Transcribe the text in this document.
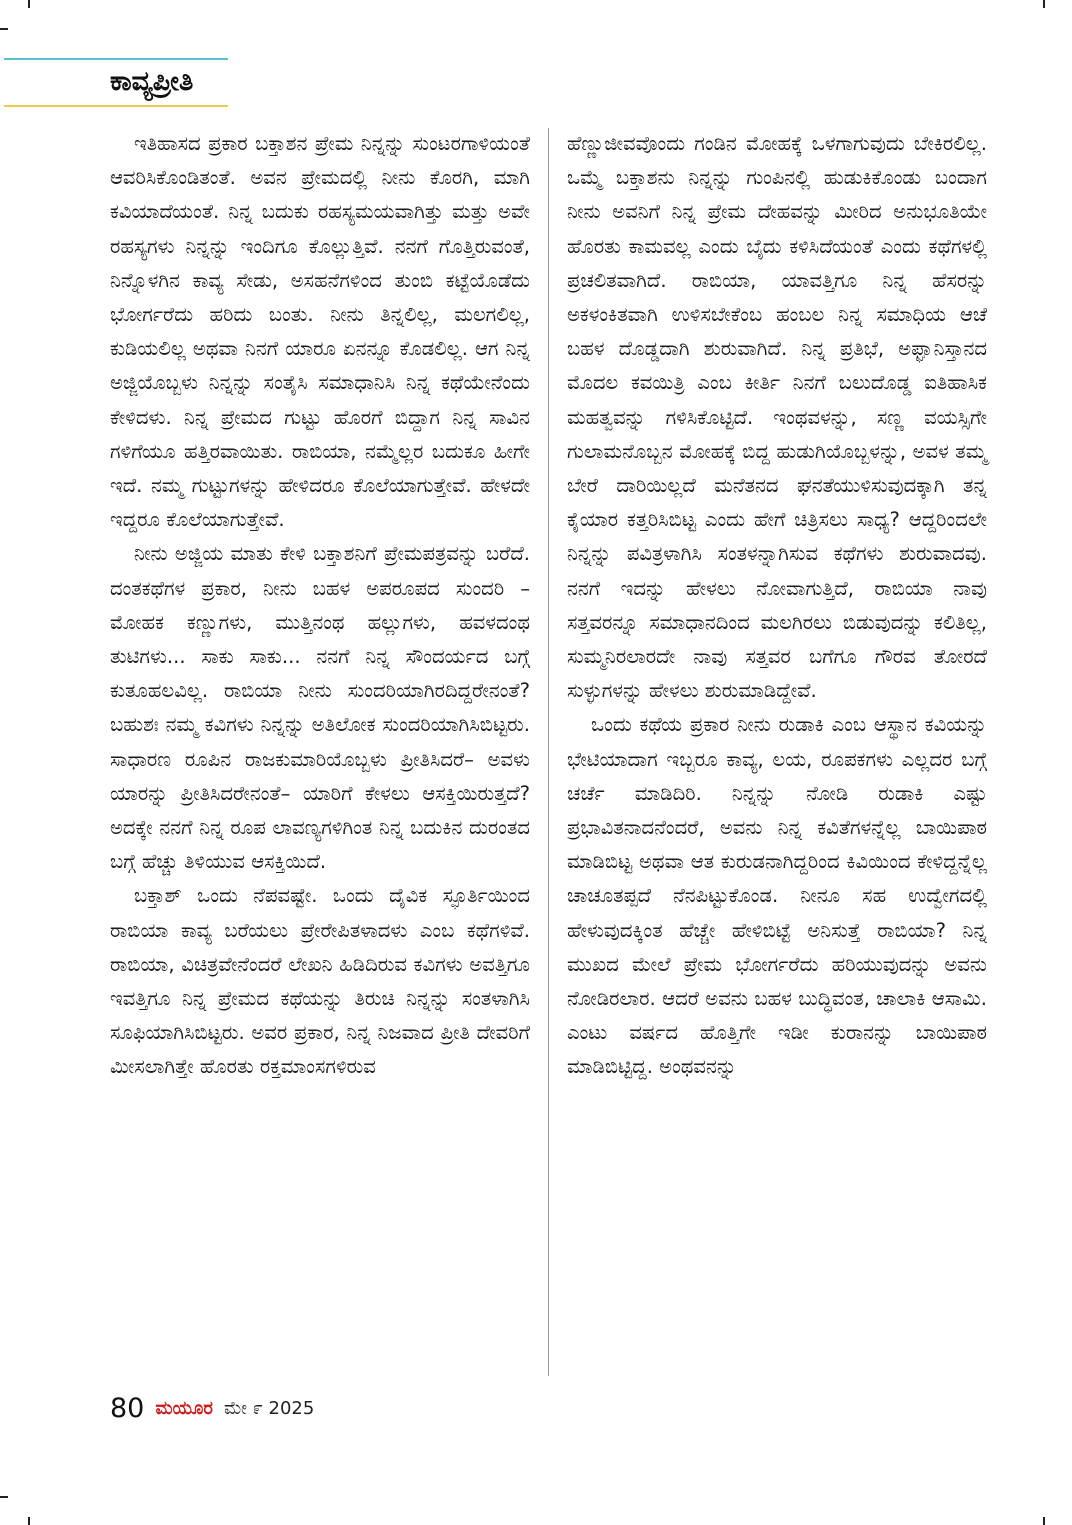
ಕಾವ್ಯಪ್ರೀತಿ

ಇತಿಹಾಸದ ಪ್ರಕಾರ ಬಕ್ತಾಶನ ಪ್ರೇಮ ನಿನ್ನನ್ನು ಸುಂಟರಗಾಳಿಯಂತೆ ಆವರಿಸಿಕೊಂಡಿತಂತೆ. ಅವನ ಪ್ರೇಮದಲ್ಲಿ ನೀನು ಕೊರಗಿ, ಮಾಗಿ ಕವಿಯಾದೆಯಂತೆ. ನಿನ್ನ ಬದುಕು ರಹಸ್ಯಮಯವಾಗಿತ್ತು ಮತ್ತು ಅವೇ ರಹಸ್ಯಗಳು ನಿನ್ನನ್ನು ಇಂದಿಗೂ ಕೊಲ್ಲುತ್ತಿವೆ. ನನಗೆ ಗೊತ್ತಿರುವಂತೆ, ನಿನ್ನೊಳಗಿನ ಕಾವ್ಯ ಸೇಡು, ಅಸಹನೆಗಳಿಂದ ತುಂಬಿ ಕಟ್ಟೆಯೊಡೆದು ಭೋರ್ಗರೆದು ಹರಿದು ಬಂತು. ನೀನು ತಿನ್ನಲಿಲ್ಲ, ಮಲಗಲಿಲ್ಲ, ಕುಡಿಯಲಿಲ್ಲ ಅಥವಾ ನಿನಗೆ ಯಾರೂ ಏನನ್ನೂ ಕೊಡಲಿಲ್ಲ. ಆಗ ನಿನ್ನ ಅಜ್ಜಿಯೊಬ್ಬಳು ನಿನ್ನನ್ನು ಸಂತೈಸಿ ಸಮಾಧಾನಿಸಿ ನಿನ್ನ ಕಥೆಯೇನೆಂದು ಕೇಳಿದಳು. ನಿನ್ನ ಪ್ರೇಮದ ಗುಟ್ಟು ಹೊರಗೆ ಬಿದ್ದಾಗ ನಿನ್ನ ಸಾವಿನ ಗಳಿಗೆಯೂ ಹತ್ತಿರವಾಯಿತು. ರಾಬಿಯಾ, ನಮ್ಮೆಲ್ಲರ ಬದುಕೂ ಹೀಗೇ ಇದೆ. ನಮ್ಮ ಗುಟ್ಟುಗಳನ್ನು ಹೇಳಿದರೂ ಕೊಲೆಯಾಗುತ್ತೇವೆ. ಹೇಳದೇ ಇದ್ದರೂ ಕೊಲೆಯಾಗುತ್ತೇವೆ.

ನೀನು ಅಜ್ಜಿಯ ಮಾತು ಕೇಳಿ ಬಕ್ತಾಶನಿಗೆ ಪ್ರೇಮಪತ್ರವನ್ನು ಬರೆದೆ. ದಂತಕಥೆಗಳ ಪ್ರಕಾರ, ನೀನು ಬಹಳ ಅಪರೂಪದ ಸುಂದರಿ – ಮೋಹಕ ಕಣ್ಣುಗಳು, ಮುತ್ತಿನಂಥ ಹಲ್ಲುಗಳು, ಹವಳದಂಥ ತುಟಿಗಳು... ಸಾಕು ಸಾಕು... ನನಗೆ ನಿನ್ನ ಸೌಂದರ್ಯದ ಬಗ್ಗೆ ಕುತೂಹಲವಿಲ್ಲ. ರಾಬಿಯಾ ನೀನು ಸುಂದರಿಯಾಗಿರದಿದ್ದರೇನಂತೆ? ಬಹುಶಃ ನಮ್ಮ ಕವಿಗಳು ನಿನ್ನನ್ನು ಅತಿಲೋಕ ಸುಂದರಿಯಾಗಿಸಿಬಿಟ್ಟರು. ಸಾಧಾರಣ ರೂಪಿನ ರಾಜಕುಮಾರಿಯೊಬ್ಬಳು ಪ್ರೀತಿಸಿದರೆ– ಅವಳು ಯಾರನ್ನು ಪ್ರೀತಿಸಿದರೇನಂತೆ– ಯಾರಿಗೆ ಕೇಳಲು ಆಸಕ್ತಿಯಿರುತ್ತದೆ? ಅದಕ್ಕೇ ನನಗೆ ನಿನ್ನ ರೂಪ ಲಾವಣ್ಯಗಳಿಗಿಂತ ನಿನ್ನ ಬದುಕಿನ ದುರಂತದ ಬಗ್ಗೆ ಹೆಚ್ಚು ತಿಳಿಯುವ ಆಸಕ್ತಿಯಿದೆ.

ಬಕ್ತಾಶ್ ಒಂದು ನೆಪವಷ್ಟೇ. ಒಂದು ದೈವಿಕ ಸ್ಫೂರ್ತಿಯಿಂದ ರಾಬಿಯಾ ಕಾವ್ಯ ಬರೆಯಲು ಪ್ರೇರೇಪಿತಳಾದಳು ಎಂಬ ಕಥೆಗಳಿವೆ. ರಾಬಿಯಾ, ವಿಚಿತ್ರವೇನೆಂದರೆ ಲೇಖನಿ ಹಿಡಿದಿರುವ ಕವಿಗಳು ಅವತ್ತಿಗೂ ಇವತ್ತಿಗೂ ನಿನ್ನ ಪ್ರೇಮದ ಕಥೆಯನ್ನು ತಿರುಚಿ ನಿನ್ನನ್ನು ಸಂತಳಾಗಿಸಿ ಸೂಫಿಯಾಗಿಸಿಬಿಟ್ಟರು. ಅವರ ಪ್ರಕಾರ, ನಿನ್ನ ನಿಜವಾದ ಪ್ರೀತಿ ದೇವರಿಗೆ ಮೀಸಲಾಗಿತ್ತೇ ಹೊರತು ರಕ್ತಮಾಂಸಗಳಿರುವ

ಹೆಣ್ಣುಜೀವವೊಂದು ಗಂಡಿನ ಮೋಹಕ್ಕೆ ಒಳಗಾಗುವುದು ಬೇಕಿರಲಿಲ್ಲ. ಒಮ್ಮೆ ಬಕ್ತಾಶನು ನಿನ್ನನ್ನು ಗುಂಪಿನಲ್ಲಿ ಹುಡುಕಿಕೊಂಡು ಬಂದಾಗ ನೀನು ಅವನಿಗೆ ನಿನ್ನ ಪ್ರೇಮ ದೇಹವನ್ನು ಮೀರಿದ ಅನುಭೂತಿಯೇ ಹೊರತು ಕಾಮವಲ್ಲ ಎಂದು ಬೈದು ಕಳಿಸಿದೆಯಂತೆ ಎಂದು ಕಥೆಗಳಲ್ಲಿ ಪ್ರಚಲಿತವಾಗಿದೆ. ರಾಬಿಯಾ, ಯಾವತ್ತಿಗೂ ನಿನ್ನ ಹೆಸರನ್ನು ಅಕಳಂಕಿತವಾಗಿ ಉಳಿಸಬೇಕೆಂಬ ಹಂಬಲ ನಿನ್ನ ಸಮಾಧಿಯ ಆಚೆ ಬಹಳ ದೊಡ್ಡದಾಗಿ ಶುರುವಾಗಿದೆ. ನಿನ್ನ ಪ್ರತಿಭೆ, ಅಫ್ಘಾನಿಸ್ತಾನದ ಮೊದಲ ಕವಯಿತ್ರಿ ಎಂಬ ಕೀರ್ತಿ ನಿನಗೆ ಬಲುದೊಡ್ಡ ಐತಿಹಾಸಿಕ ಮಹತ್ವವನ್ನು ಗಳಿಸಿಕೊಟ್ಟಿದೆ. ಇಂಥವಳನ್ನು, ಸಣ್ಣ ವಯಸ್ಸಿಗೇ ಗುಲಾಮನೊಬ್ಬನ ಮೋಹಕ್ಕೆ ಬಿದ್ದ ಹುಡುಗಿಯೊಬ್ಬಳನ್ನು, ಅವಳ ತಮ್ಮ ಬೇರೆ ದಾರಿಯಿಲ್ಲದೆ ಮನೆತನದ ಘನತೆಯುಳಿಸುವುದಕ್ಕಾಗಿ ತನ್ನ ಕೈಯಾರ ಕತ್ತರಿಸಿಬಿಟ್ಟ ಎಂದು ಹೇಗೆ ಚಿತ್ರಿಸಲು ಸಾಧ್ಯ? ಆದ್ದರಿಂದಲೇ ನಿನ್ನನ್ನು ಪವಿತ್ರಳಾಗಿಸಿ ಸಂತಳನ್ನಾಗಿಸುವ ಕಥೆಗಳು ಶುರುವಾದವು. ನನಗೆ ಇದನ್ನು ಹೇಳಲು ನೋವಾಗುತ್ತಿದೆ, ರಾಬಿಯಾ ನಾವು ಸತ್ತವರನ್ನೂ ಸಮಾಧಾನದಿಂದ ಮಲಗಿರಲು ಬಿಡುವುದನ್ನು ಕಲಿತಿಲ್ಲ, ಸುಮ್ಮನಿರಲಾರದೇ ನಾವು ಸತ್ತವರ ಬಗೆಗೂ ಗೌರವ ತೋರದೆ ಸುಳ್ಳುಗಳನ್ನು ಹೇಳಲು ಶುರುಮಾಡಿದ್ದೇವೆ.

ಒಂದು ಕಥೆಯ ಪ್ರಕಾರ ನೀನು ರುಡಾಕಿ ಎಂಬ ಆಸ್ಥಾನ ಕವಿಯನ್ನು ಭೇಟಿಯಾದಾಗ ಇಬ್ಬರೂ ಕಾವ್ಯ, ಲಯ, ರೂಪಕಗಳು ಎಲ್ಲದರ ಬಗ್ಗೆ ಚರ್ಚೆ ಮಾಡಿದಿರಿ. ನಿನ್ನನ್ನು ನೋಡಿ ರುಡಾಕಿ ಎಷ್ಟು ಪ್ರಭಾವಿತನಾದನೆಂದರೆ, ಅವನು ನಿನ್ನ ಕವಿತೆಗಳನ್ನೆಲ್ಲ ಬಾಯಿಪಾಠ ಮಾಡಿಬಿಟ್ಟ ಅಥವಾ ಆತ ಕುರುಡನಾಗಿದ್ದರಿಂದ ಕಿವಿಯಿಂದ ಕೇಳಿದ್ದನ್ನೆಲ್ಲ ಚಾಚೂತಪ್ಪದೆ ನೆನಪಿಟ್ಟುಕೊಂಡ. ನೀನೂ ಸಹ ಉದ್ವೇಗದಲ್ಲಿ ಹೇಳುವುದಕ್ಕಿಂತ ಹೆಚ್ಚೇ ಹೇಳಿಬಿಟ್ಟೆ ಅನಿಸುತ್ತೆ ರಾಬಿಯಾ? ನಿನ್ನ ಮುಖದ ಮೇಲೆ ಪ್ರೇಮ ಭೋರ್ಗರೆದು ಹರಿಯುವುದನ್ನು ಅವನು ನೋಡಿರಲಾರ. ಆದರೆ ಅವನು ಬಹಳ ಬುದ್ಧಿವಂತ, ಚಾಲಾಕಿ ಆಸಾಮಿ. ಎಂಟು ವರ್ಷದ ಹೊತ್ತಿಗೇ ಇಡೀ ಕುರಾನನ್ನು ಬಾಯಿಪಾಠ ಮಾಡಿಬಿಟ್ಟಿದ್ದ. ಅಂಥವನನ್ನು

80 ಮಯೂರ ಮೇ ೯ 2025
